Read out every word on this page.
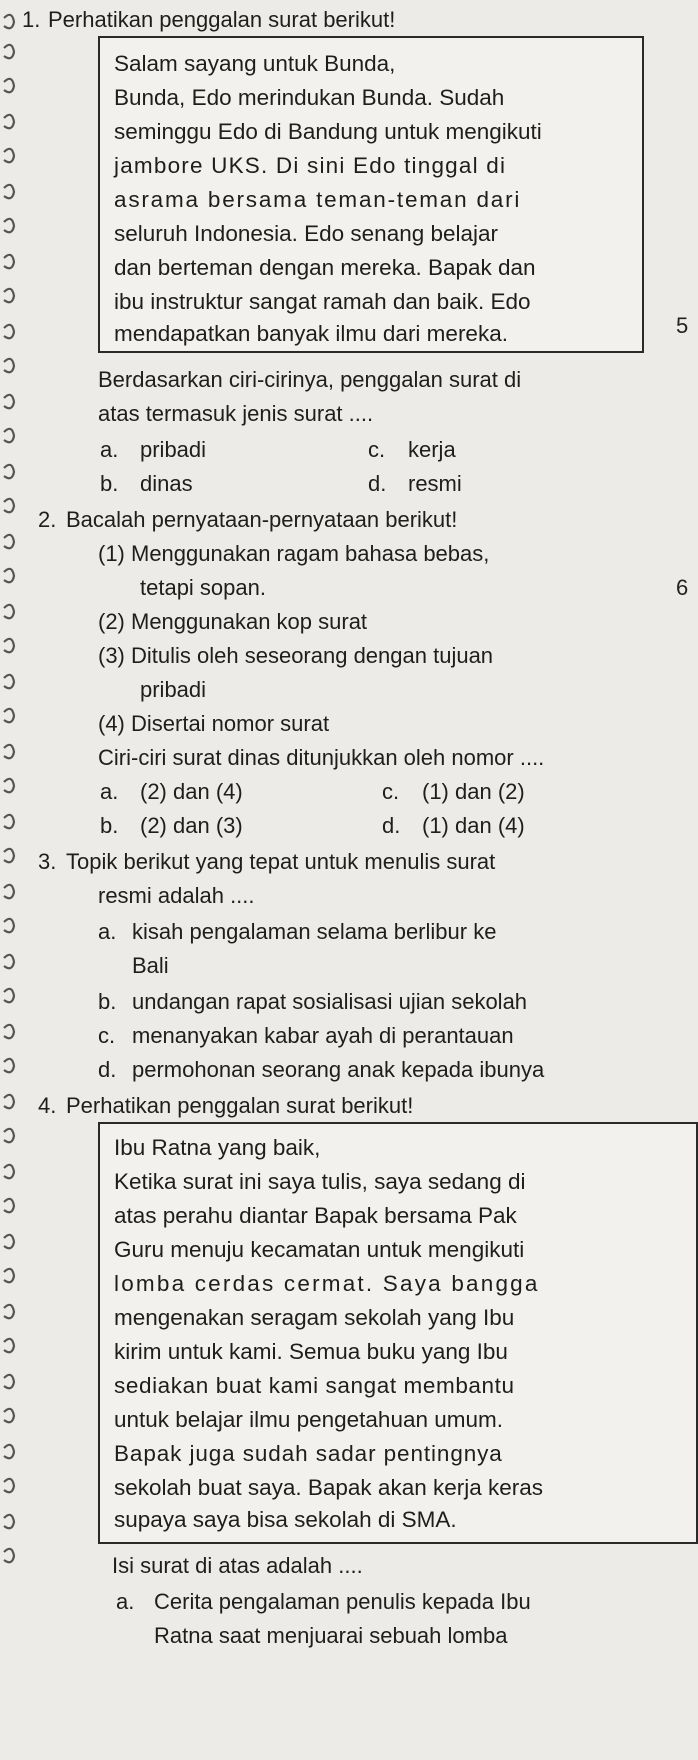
1. Perhatikan penggalan surat berikut!
Salam sayang untuk Bunda,
Bunda, Edo merindukan Bunda. Sudah
seminggu Edo di Bandung untuk mengikuti
jambore UKS. Di sini Edo tinggal di
asrama bersama teman-teman dari
seluruh Indonesia. Edo senang belajar
dan berteman dengan mereka. Bapak dan
ibu instruktur sangat ramah dan baik. Edo
mendapatkan banyak ilmu dari mereka.	5
Berdasarkan ciri-cirinya, penggalan surat di
atas termasuk jenis surat ....
a. pribadi	c. kerja
b. dinas	d. resmi
2. Bacalah pernyataan-pernyataan berikut!
(1) Menggunakan ragam bahasa bebas,
tetapi sopan.	6
(2) Menggunakan kop surat
(3) Ditulis oleh seseorang dengan tujuan
pribadi
(4) Disertai nomor surat
Ciri-ciri surat dinas ditunjukkan oleh nomor ....
a. (2) dan (4)	c. (1) dan (2)
b. (2) dan (3)	d. (1) dan (4)
3. Topik berikut yang tepat untuk menulis surat
resmi adalah ....
a. kisah pengalaman selama berlibur ke
Bali
b. undangan rapat sosialisasi ujian sekolah
c. menanyakan kabar ayah di perantauan
d. permohonan seorang anak kepada ibunya
4. Perhatikan penggalan surat berikut!
Ibu Ratna yang baik,
Ketika surat ini saya tulis, saya sedang di
atas perahu diantar Bapak bersama Pak
Guru menuju kecamatan untuk mengikuti
lomba cerdas cermat. Saya bangga
mengenakan seragam sekolah yang Ibu
kirim untuk kami. Semua buku yang Ibu
sediakan buat kami sangat membantu
untuk belajar ilmu pengetahuan umum.
Bapak juga sudah sadar pentingnya
sekolah buat saya. Bapak akan kerja keras
supaya saya bisa sekolah di SMA.
Isi surat di atas adalah ....
a. Cerita pengalaman penulis kepada Ibu
Ratna saat menjuarai sebuah lomba
